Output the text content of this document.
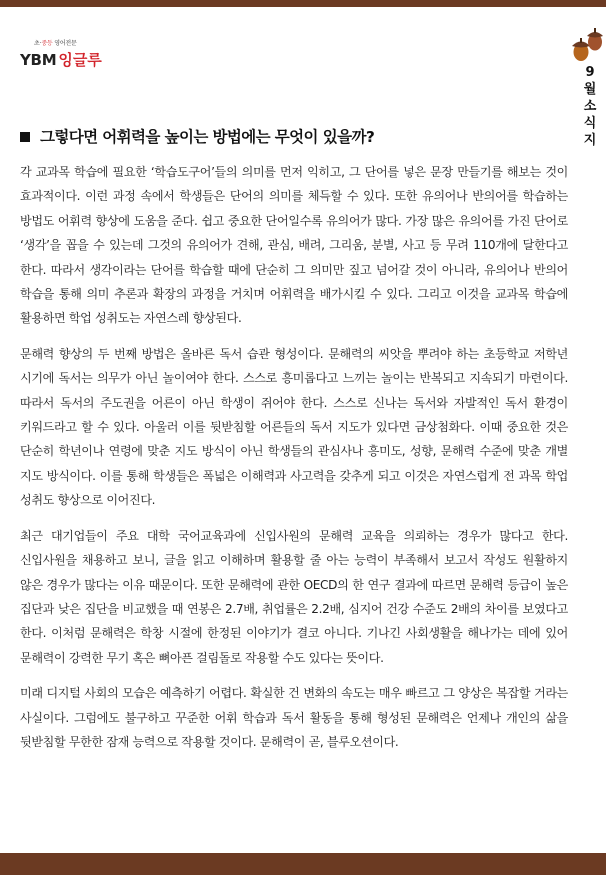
초·중등 영어전문
YBM 잉글루
9
월
소
식
지
그렇다면 어휘력을 높이는 방법에는 무엇이 있을까?

각 교과목 학습에 필요한 ‘학습도구어’들의 의미를 먼저 익히고, 그 단어를 넣은 문장 만들기를 해보는 것이 효과적이다. 이런 과정 속에서 학생들은 단어의 의미를 체득할 수 있다. 또한 유의어나 반의어를 학습하는 방법도 어휘력 향상에 도움을 준다. 쉽고 중요한 단어일수록 유의어가 많다. 가장 많은 유의어를 가진 단어로 ‘생각’을 꼽을 수 있는데 그것의 유의어가 견해, 관심, 배려, 그리움, 분별, 사고 등 무려 110개에 달한다고 한다. 따라서 생각이라는 단어를 학습할 때에 단순히 그 의미만 짚고 넘어갈 것이 아니라, 유의어나 반의어 학습을 통해 의미 추론과 확장의 과정을 거치며 어휘력을 배가시킬 수 있다. 그리고 이것을 교과목 학습에 활용하면 학업 성취도는 자연스레 향상된다.

문해력 향상의 두 번째 방법은 올바른 독서 습관 형성이다. 문해력의 씨앗을 뿌려야 하는 초등학교 저학년 시기에 독서는 의무가 아닌 놀이여야 한다. 스스로 흥미롭다고 느끼는 놀이는 반복되고 지속되기 마련이다. 따라서 독서의 주도권을 어른이 아닌 학생이 쥐어야 한다. 스스로 신나는 독서와 자발적인 독서 환경이 키워드라고 할 수 있다. 아울러 이를 뒷받침할 어른들의 독서 지도가 있다면 금상첨화다. 이때 중요한 것은 단순히 학년이나 연령에 맞춘 지도 방식이 아닌 학생들의 관심사나 흥미도, 성향, 문해력 수준에 맞춘 개별 지도 방식이다. 이를 통해 학생들은 폭넓은 이해력과 사고력을 갖추게 되고 이것은 자연스럽게 전 과목 학업 성취도 향상으로 이어진다.

최근 대기업들이 주요 대학 국어교육과에 신입사원의 문해력 교육을 의뢰하는 경우가 많다고 한다. 신입사원을 채용하고 보니, 글을 읽고 이해하며 활용할 줄 아는 능력이 부족해서 보고서 작성도 원활하지 않은 경우가 많다는 이유 때문이다. 또한 문해력에 관한 OECD의 한 연구 결과에 따르면 문해력 등급이 높은 집단과 낮은 집단을 비교했을 때 연봉은 2.7배, 취업률은 2.2배, 심지어 건강 수준도 2배의 차이를 보였다고 한다. 이처럼 문해력은 학창 시절에 한정된 이야기가 결코 아니다. 기나긴 사회생활을 해나가는 데에 있어 문해력이 강력한 무기 혹은 뼈아픈 걸림돌로 작용할 수도 있다는 뜻이다.

미래 디지털 사회의 모습은 예측하기 어렵다. 확실한 건 변화의 속도는 매우 빠르고 그 양상은 복잡할 거라는 사실이다. 그럼에도 불구하고 꾸준한 어휘 학습과 독서 활동을 통해 형성된 문해력은 언제나 개인의 삶을 뒷받침할 무한한 잠재 능력으로 작용할 것이다. 문해력이 곧, 블루오션이다.
